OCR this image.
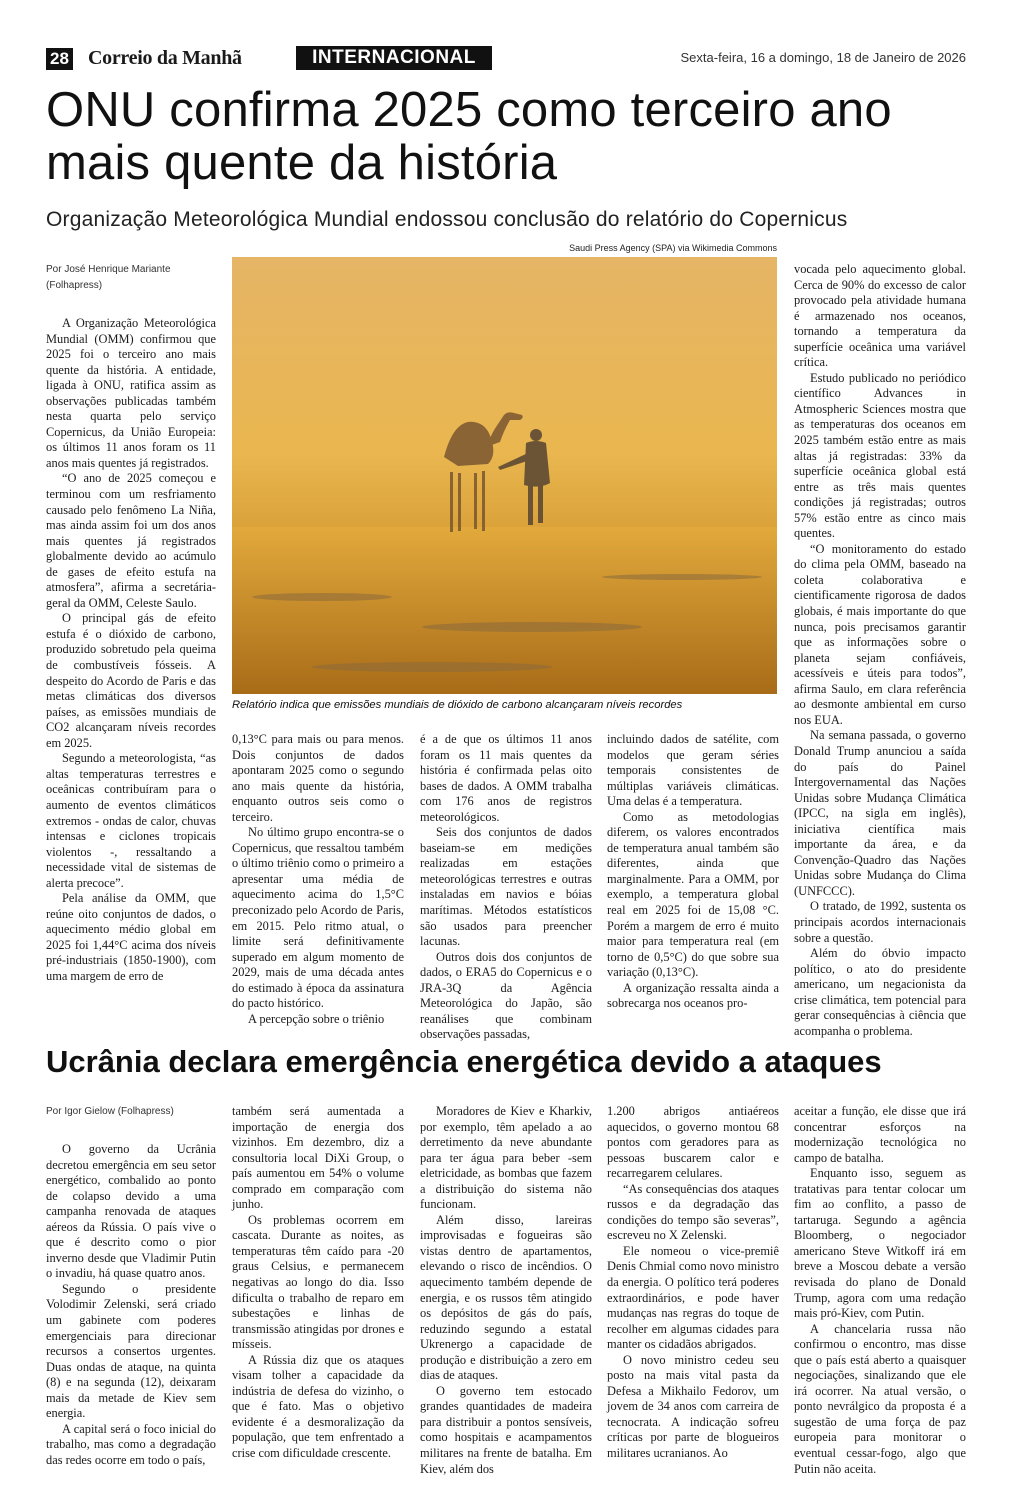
28 Correio da Manhã	INTERNACIONAL	Sexta-feira, 16 a domingo, 18 de Janeiro de 2026
ONU confirma 2025 como terceiro ano mais quente da história
Organização Meteorológica Mundial endossou conclusão do relatório do Copernicus
Saudi Press Agency (SPA) via Wikimedia Commons
Relatório indica que emissões mundiais de dióxido de carbono alcançaram níveis recordes

Por José Henrique Mariante (Folhapress)

A Organização Meteorológica Mundial (OMM) confirmou que 2025 foi o terceiro ano mais quente da história. A entidade, ligada à ONU, ratifica assim as observações publicadas também nesta quarta pelo serviço Copernicus, da União Europeia: os últimos 11 anos foram os 11 anos mais quentes já registrados.

“O ano de 2025 começou e terminou com um resfriamento causado pelo fenômeno La Niña, mas ainda assim foi um dos anos mais quentes já registrados globalmente devido ao acúmulo de gases de efeito estufa na atmosfera”, afirma a secretária-geral da OMM, Celeste Saulo.

O principal gás de efeito estufa é o dióxido de carbono, produzido sobretudo pela queima de combustíveis fósseis. A despeito do Acordo de Paris e das metas climáticas dos diversos países, as emissões mundiais de CO2 alcançaram níveis recordes em 2025.

Segundo a meteorologista, “as altas temperaturas terrestres e oceânicas contribuíram para o aumento de eventos climáticos extremos - ondas de calor, chuvas intensas e ciclones tropicais violentos -, ressaltando a necessidade vital de sistemas de alerta precoce”.

Pela análise da OMM, que reúne oito conjuntos de dados, o aquecimento médio global em 2025 foi 1,44°C acima dos níveis pré-industriais (1850-1900), com uma margem de erro de

0,13°C para mais ou para menos. Dois conjuntos de dados apontaram 2025 como o segundo ano mais quente da história, enquanto outros seis como o terceiro.

No último grupo encontra-se o Copernicus, que ressaltou também o último triênio como o primeiro a apresentar uma média de aquecimento acima do 1,5°C preconizado pelo Acordo de Paris, em 2015. Pelo ritmo atual, o limite será definitivamente superado em algum momento de 2029, mais de uma década antes do estimado à época da assinatura do pacto histórico.

A percepção sobre o triênio

é a de que os últimos 11 anos foram os 11 mais quentes da história é confirmada pelas oito bases de dados. A OMM trabalha com 176 anos de registros meteorológicos.

Seis dos conjuntos de dados baseiam-se em medições realizadas em estações meteorológicas terrestres e outras instaladas em navios e bóias marítimas. Métodos estatísticos são usados para preencher lacunas.

Outros dois dos conjuntos de dados, o ERA5 do Copernicus e o JRA-3Q da Agência Meteorológica do Japão, são reanálises que combinam observações passadas,

incluindo dados de satélite, com modelos que geram séries temporais consistentes de múltiplas variáveis climáticas. Uma delas é a temperatura.

Como as metodologias diferem, os valores encontrados de temperatura anual também são diferentes, ainda que marginalmente. Para a OMM, por exemplo, a temperatura global real em 2025 foi de 15,08 °C. Porém a margem de erro é muito maior para temperatura real (em torno de 0,5°C) do que sobre sua variação (0,13°C).

A organização ressalta ainda a sobrecarga nos oceanos pro-

vocada pelo aquecimento global. Cerca de 90% do excesso de calor provocado pela atividade humana é armazenado nos oceanos, tornando a temperatura da superfície oceânica uma variável crítica.

Estudo publicado no periódico científico Advances in Atmospheric Sciences mostra que as temperaturas dos oceanos em 2025 também estão entre as mais altas já registradas: 33% da superfície oceânica global está entre as três mais quentes condições já registradas; outros 57% estão entre as cinco mais quentes.

“O monitoramento do estado do clima pela OMM, baseado na coleta colaborativa e cientificamente rigorosa de dados globais, é mais importante do que nunca, pois precisamos garantir que as informações sobre o planeta sejam confiáveis, acessíveis e úteis para todos”, afirma Saulo, em clara referência ao desmonte ambiental em curso nos EUA.

Na semana passada, o governo Donald Trump anunciou a saída do país do Painel Intergovernamental das Nações Unidas sobre Mudança Climática (IPCC, na sigla em inglês), iniciativa científica mais importante da área, e da Convenção-Quadro das Nações Unidas sobre Mudança do Clima (UNFCCC).

O tratado, de 1992, sustenta os principais acordos internacionais sobre a questão.

Além do óbvio impacto político, o ato do presidente americano, um negacionista da crise climática, tem potencial para gerar consequências à ciência que acompanha o problema.

Ucrânia declara emergência energética devido a ataques

Por Igor Gielow (Folhapress)

O governo da Ucrânia decretou emergência em seu setor energético, combalido ao ponto de colapso devido a uma campanha renovada de ataques aéreos da Rússia. O país vive o que é descrito como o pior inverno desde que Vladimir Putin o invadiu, há quase quatro anos.

Segundo o presidente Volodimir Zelenski, será criado um gabinete com poderes emergenciais para direcionar recursos a consertos urgentes. Duas ondas de ataque, na quinta (8) e na segunda (12), deixaram mais da metade de Kiev sem energia.

A capital será o foco inicial do trabalho, mas como a degradação das redes ocorre em todo o país,

também será aumentada a importação de energia dos vizinhos. Em dezembro, diz a consultoria local DiXi Group, o país aumentou em 54% o volume comprado em comparação com junho.

Os problemas ocorrem em cascata. Durante as noites, as temperaturas têm caído para -20 graus Celsius, e permanecem negativas ao longo do dia. Isso dificulta o trabalho de reparo em subestações e linhas de transmissão atingidas por drones e mísseis.

A Rússia diz que os ataques visam tolher a capacidade da indústria de defesa do vizinho, o que é fato. Mas o objetivo evidente é a desmoralização da população, que tem enfrentado a crise com dificuldade crescente.

Moradores de Kiev e Kharkiv, por exemplo, têm apelado a ao derretimento da neve abundante para ter água para beber -sem eletricidade, as bombas que fazem a distribuição do sistema não funcionam.

Além disso, lareiras improvisadas e fogueiras são vistas dentro de apartamentos, elevando o risco de incêndios. O aquecimento também depende de energia, e os russos têm atingido os depósitos de gás do país, reduzindo segundo a estatal Ukrenergo a capacidade de produção e distribuição a zero em dias de ataques.

O governo tem estocado grandes quantidades de madeira para distribuir a pontos sensíveis, como hospitais e acampamentos militares na frente de batalha. Em Kiev, além dos

1.200 abrigos antiaéreos aquecidos, o governo montou 68 pontos com geradores para as pessoas buscarem calor e recarregarem celulares.

“As consequências dos ataques russos e da degradação das condições do tempo são severas”, escreveu no X Zelenski.

Ele nomeou o vice-premiê Denis Chmial como novo ministro da energia. O político terá poderes extraordinários, e pode haver mudanças nas regras do toque de recolher em algumas cidades para manter os cidadãos abrigados.

O novo ministro cedeu seu posto na mais vital pasta da Defesa a Mikhailo Fedorov, um jovem de 34 anos com carreira de tecnocrata. A indicação sofreu críticas por parte de blogueiros militares ucranianos. Ao

aceitar a função, ele disse que irá concentrar esforços na modernização tecnológica no campo de batalha.

Enquanto isso, seguem as tratativas para tentar colocar um fim ao conflito, a passo de tartaruga. Segundo a agência Bloomberg, o negociador americano Steve Witkoff irá em breve a Moscou debate a versão revisada do plano de Donald Trump, agora com uma redação mais pró-Kiev, com Putin.

A chancelaria russa não confirmou o encontro, mas disse que o país está aberto a quaisquer negociações, sinalizando que ele irá ocorrer. Na atual versão, o ponto nevrálgico da proposta é a sugestão de uma força de paz europeia para monitorar o eventual cessar-fogo, algo que Putin não aceita.
